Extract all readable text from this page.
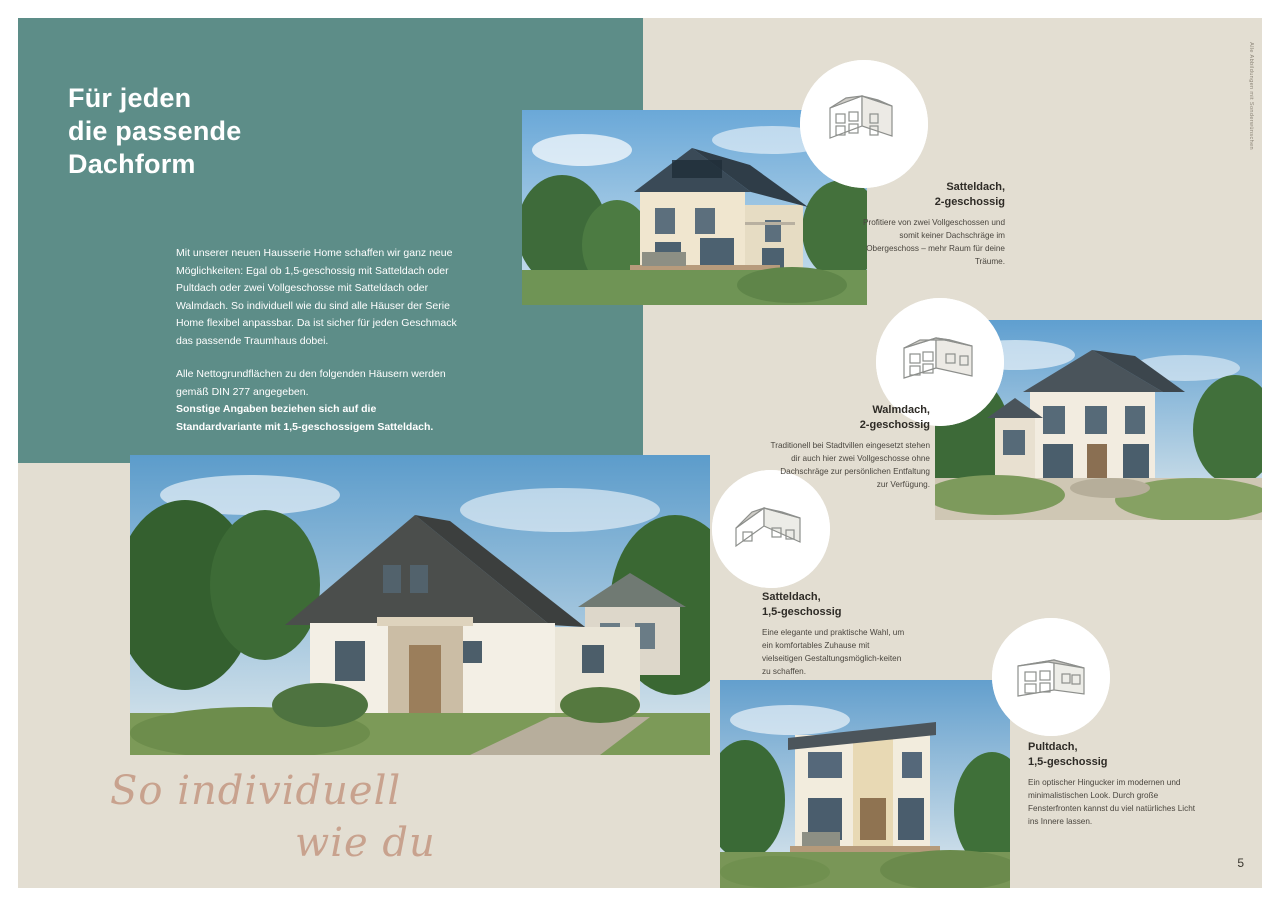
Für jeden
die passende
Dachform

Mit unserer neuen Hausserie Home schaffen wir ganz neue Möglichkeiten: Egal ob 1,5-geschossig mit Satteldach oder Pultdach oder zwei Vollgeschosse mit Satteldach oder Walmdach. So individuell wie du sind alle Häuser der Serie Home flexibel anpassbar. Da ist sicher für jeden Geschmack das passende Traumhaus dobei.

Alle Nettogrundflächen zu den folgenden Häusern werden gemäß DIN 277 angegeben.
Sonstige Angaben beziehen sich auf die Standardvariante mit 1,5-geschossigem Satteldach.

Alle Abbildungen mit Sonderwünschen
Satteldach,
2-geschossig
Profitiere von zwei Vollgeschossen und somit keiner Dachschräge im Obergeschoss – mehr Raum für deine Träume.
Walmdach,
2-geschossig
Traditionell bei Stadtvillen eingesetzt stehen dir auch hier zwei Vollgeschosse ohne Dachschräge zur persönlichen Entfaltung zur Verfügung.
Satteldach,
1,5-geschossig
Eine elegante und praktische Wahl, um ein komfortables Zuhause mit vielseitigen Gestaltungsmöglich-keiten zu schaffen.
Pultdach,
1,5-geschossig
Ein optischer Hingucker im modernen und minimalistischen Look. Durch große Fensterfronten kannst du viel natürliches Licht ins Innere lassen.
So individuell
wie du	5
